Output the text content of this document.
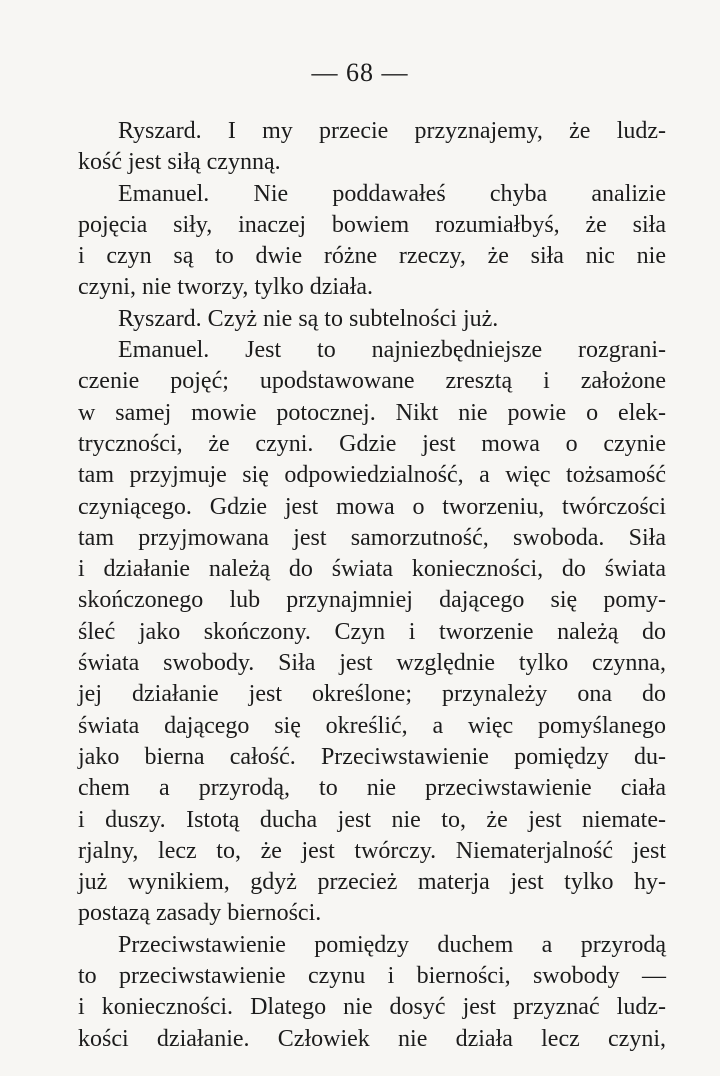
— 68 —
Ryszard. I my przecie przyznajemy, że ludz-
kość jest siłą czynną.
Emanuel. Nie poddawałeś chyba analizie
pojęcia siły, inaczej bowiem rozumiałbyś, że siła
i czyn są to dwie różne rzeczy, że siła nic nie
czyni, nie tworzy, tylko działa.
Ryszard. Czyż nie są to subtelności już.
Emanuel. Jest to najniezbędniejsze rozgrani-
czenie pojęć; upodstawowane zresztą i założone
w samej mowie potocznej. Nikt nie powie o elek-
tryczności, że czyni. Gdzie jest mowa o czynie
tam przyjmuje się odpowiedzialność, a więc tożsamość
czyniącego. Gdzie jest mowa o tworzeniu, twórczości
tam przyjmowana jest samorzutność, swoboda. Siła
i działanie należą do świata konieczności, do świata
skończonego lub przynajmniej dającego się pomy-
śleć jako skończony. Czyn i tworzenie należą do
świata swobody. Siła jest względnie tylko czynna,
jej działanie jest określone; przynależy ona do
świata dającego się określić, a więc pomyślanego
jako bierna całość. Przeciwstawienie pomiędzy du-
chem a przyrodą, to nie przeciwstawienie ciała
i duszy. Istotą ducha jest nie to, że jest niemate-
rjalny, lecz to, że jest twórczy. Niematerjalność jest
już wynikiem, gdyż przecież materja jest tylko hy-
postazą zasady bierności.
Przeciwstawienie pomiędzy duchem a przyrodą
to przeciwstawienie czynu i bierności, swobody —
i konieczności. Dlatego nie dosyć jest przyznać ludz-
kości działanie. Człowiek nie działa lecz czyni,
